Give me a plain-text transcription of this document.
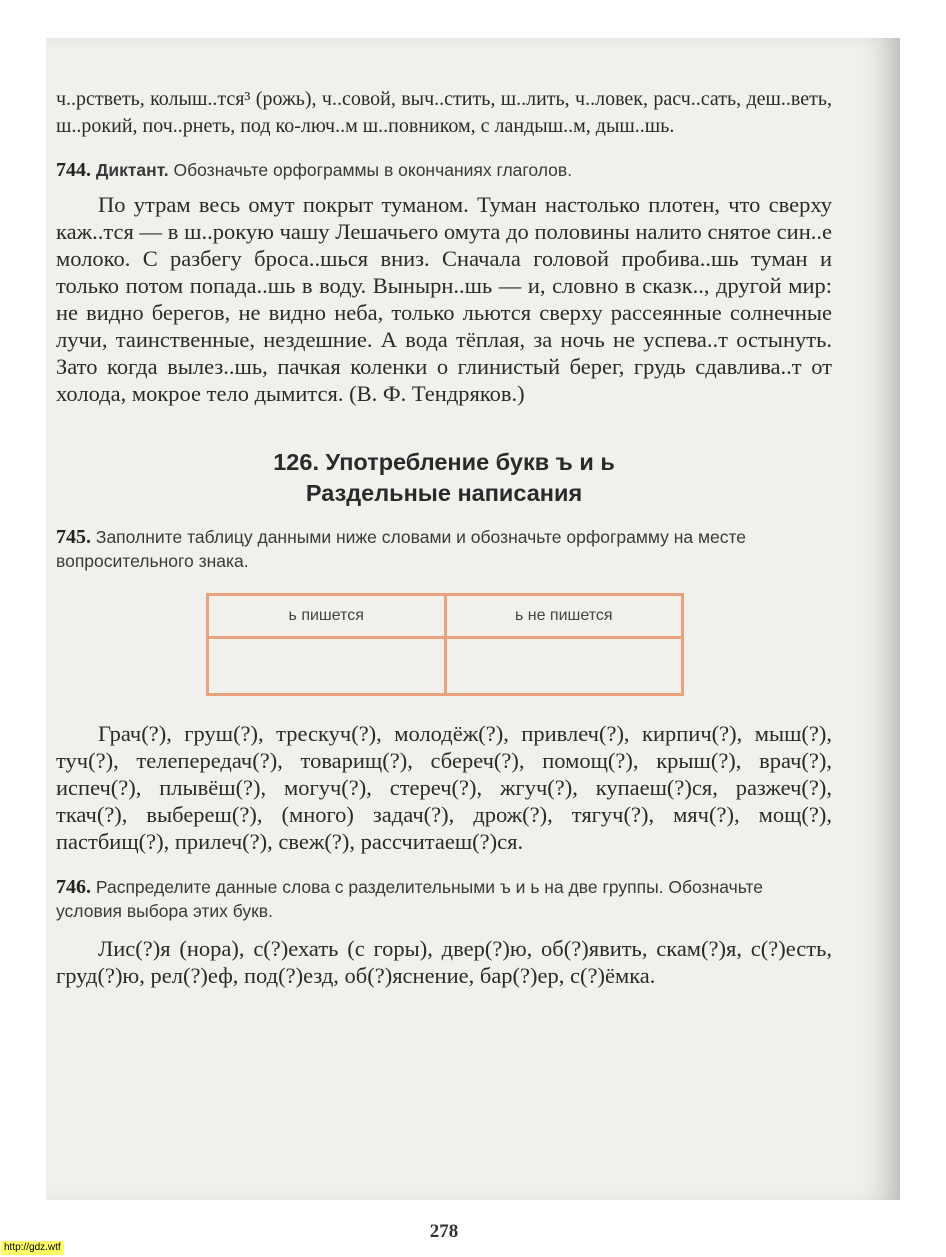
ч..рстветь, колыш..тся³ (рожь), ч..совой, выч..стить, ш..лить, ч..ловек, расч..сать, деш..веть, ш..рокий, поч..рнеть, под ко-люч..м ш..повником, с ландыш..м, дыш..шь.

744. Диктант. Обозначьте орфограммы в окончаниях глаголов.

По утрам весь омут покрыт туманом. Туман настолько плотен, что сверху каж..тся — в ш..рокую чашу Лешачьего омута до половины налито снятое син..е молоко. С разбегу броса..шься вниз. Сначала головой пробива..шь туман и только потом попада..шь в воду. Вынырн..шь — и, словно в сказк.., другой мир: не видно берегов, не видно неба, только льются сверху рассеянные солнечные лучи, таинственные, нездешние. А вода тёплая, за ночь не успева..т остынуть. Зато когда вылез..шь, пачкая коленки о глинистый берег, грудь сдавлива..т от холода, мокрое тело дымится. (В. Ф. Тендряков.)

126. Употребление букв ъ и ь

Раздельные написания

745. Заполните таблицу данными ниже словами и обозначьте орфограмму на месте вопросительного знака.

ь пишется	ь не пишется

Грач(?), груш(?), трескуч(?), молодёж(?), привлеч(?), кирпич(?), мыш(?), туч(?), телепередач(?), товарищ(?), сбереч(?), помощ(?), крыш(?), врач(?), испеч(?), плывёш(?), могуч(?), стереч(?), жгуч(?), купаеш(?)ся, разжеч(?), ткач(?), выбереш(?), (много) задач(?), дрож(?), тягуч(?), мяч(?), мощ(?), пастбищ(?), прилеч(?), свеж(?), рассчитаеш(?)ся.

746. Распределите данные слова с разделительными ъ и ь на две группы. Обозначьте условия выбора этих букв.

Лис(?)я (нора), с(?)ехать (с горы), двер(?)ю, об(?)явить, скам(?)я, с(?)есть, груд(?)ю, рел(?)еф, под(?)езд, об(?)яснение, бар(?)ер, с(?)ёмка.

278
http://gdz.wtf
